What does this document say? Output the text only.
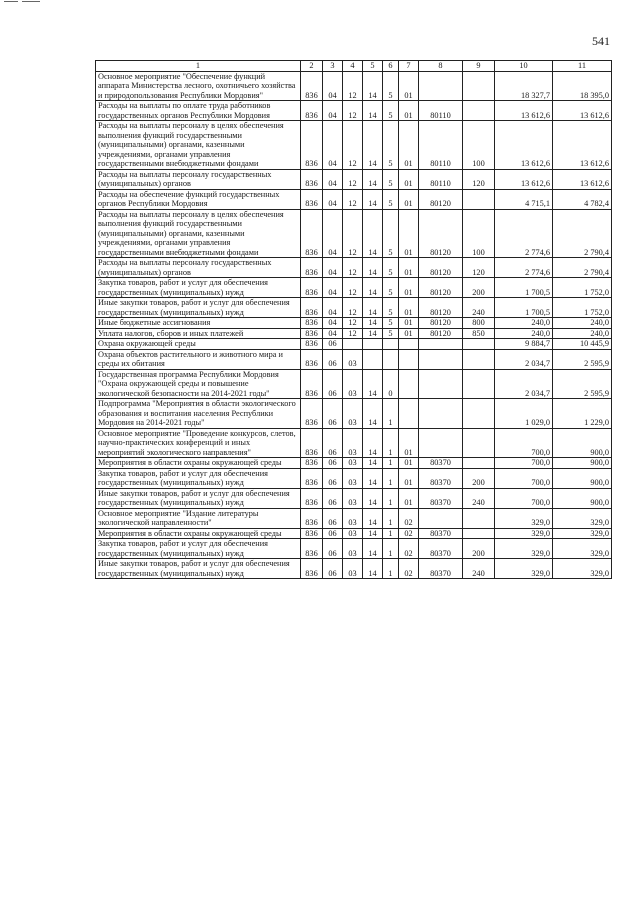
541
1	2	3	4	5	6	7	8	9	10	11
Основное мероприятие "Обеспечение функций аппарата Министерства лесного, охотничьего хозяйства и природопользования Республики Мордовия"	836	04	12	14	5	01			18 327,7	18 395,0
Расходы на выплаты по оплате труда работников государственных органов Республики Мордовия	836	04	12	14	5	01	80110		13 612,6	13 612,6
Расходы на выплаты персоналу в целях обеспечения выполнения функций государственными (муниципальными) органами, казенными учреждениями, органами управления государственными внебюджетными фондами	836	04	12	14	5	01	80110	100	13 612,6	13 612,6
Расходы на выплаты персоналу государственных (муниципальных) органов	836	04	12	14	5	01	80110	120	13 612,6	13 612,6
Расходы на обеспечение функций государственных органов Республики Мордовия	836	04	12	14	5	01	80120		4 715,1	4 782,4
Расходы на выплаты персоналу в целях обеспечения выполнения функций государственными (муниципальными) органами, казенными учреждениями, органами управления государственными внебюджетными фондами	836	04	12	14	5	01	80120	100	2 774,6	2 790,4
Расходы на выплаты персоналу государственных (муниципальных) органов	836	04	12	14	5	01	80120	120	2 774,6	2 790,4
Закупка товаров, работ и услуг для обеспечения государственных (муниципальных) нужд	836	04	12	14	5	01	80120	200	1 700,5	1 752,0
Иные закупки товаров, работ и услуг для обеспечения государственных (муниципальных) нужд	836	04	12	14	5	01	80120	240	1 700,5	1 752,0
Иные бюджетные ассигнования	836	04	12	14	5	01	80120	800	240,0	240,0
Уплата налогов, сборов и иных платежей	836	04	12	14	5	01	80120	850	240,0	240,0
Охрана окружающей среды	836	06							9 884,7	10 445,9
Охрана объектов растительного и животного мира и среды их обитания	836	06	03						2 034,7	2 595,9
Государственная программа Республики Мордовия "Охрана окружающей среды и повышение экологической безопасности на 2014-2021 годы"	836	06	03	14	0				2 034,7	2 595,9
Подпрограмма "Мероприятия в области экологического образования и воспитания населения Республики Мордовия на 2014-2021 годы"	836	06	03	14	1				1 029,0	1 229,0
Основное мероприятие "Проведение конкурсов, слетов, научно-практических конференций и иных мероприятий экологического направления"	836	06	03	14	1	01			700,0	900,0
Мероприятия в области охраны окружающей среды	836	06	03	14	1	01	80370		700,0	900,0
Закупка товаров, работ и услуг для обеспечения государственных (муниципальных) нужд	836	06	03	14	1	01	80370	200	700,0	900,0
Иные закупки товаров, работ и услуг для обеспечения государственных (муниципальных) нужд	836	06	03	14	1	01	80370	240	700,0	900,0
Основное мероприятие "Издание литературы экологической направленности"	836	06	03	14	1	02			329,0	329,0
Мероприятия в области охраны окружающей среды	836	06	03	14	1	02	80370		329,0	329,0
Закупка товаров, работ и услуг для обеспечения государственных (муниципальных) нужд	836	06	03	14	1	02	80370	200	329,0	329,0
Иные закупки товаров, работ и услуг для обеспечения государственных (муниципальных) нужд	836	06	03	14	1	02	80370	240	329,0	329,0
